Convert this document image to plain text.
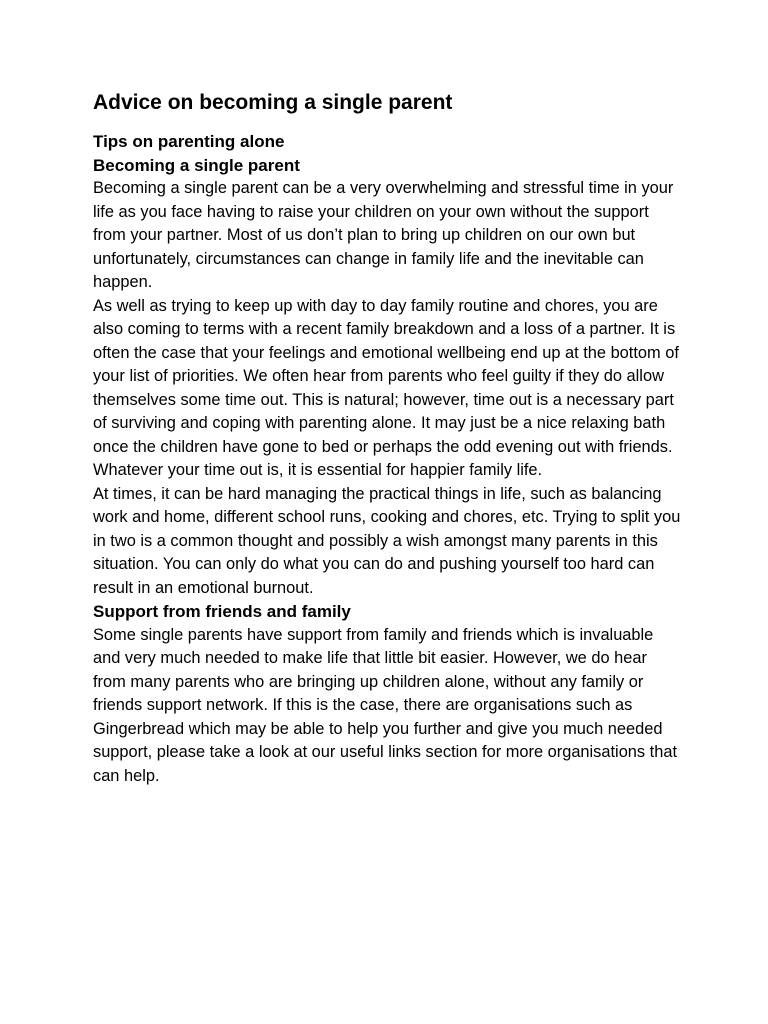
Advice on becoming a single parent

Tips on parenting alone

Becoming a single parent

Becoming a single parent can be a very overwhelming and stressful time in your life as you face having to raise your children on your own without the support from your partner. Most of us don’t plan to bring up children on our own but unfortunately, circumstances can change in family life and the inevitable can happen.

As well as trying to keep up with day to day family routine and chores, you are also coming to terms with a recent family breakdown and a loss of a partner. It is often the case that your feelings and emotional wellbeing end up at the bottom of your list of priorities. We often hear from parents who feel guilty if they do allow themselves some time out. This is natural; however, time out is a necessary part of surviving and coping with parenting alone. It may just be a nice relaxing bath once the children have gone to bed or perhaps the odd evening out with friends. Whatever your time out is, it is essential for happier family life.

At times, it can be hard managing the practical things in life, such as balancing work and home, different school runs, cooking and chores, etc. Trying to split you in two is a common thought and possibly a wish amongst many parents in this situation. You can only do what you can do and pushing yourself too hard can result in an emotional burnout.

Support from friends and family

Some single parents have support from family and friends which is invaluable and very much needed to make life that little bit easier. However, we do hear from many parents who are bringing up children alone, without any family or friends support network. If this is the case, there are organisations such as Gingerbread which may be able to help you further and give you much needed support, please take a look at our useful links section for more organisations that can help.
